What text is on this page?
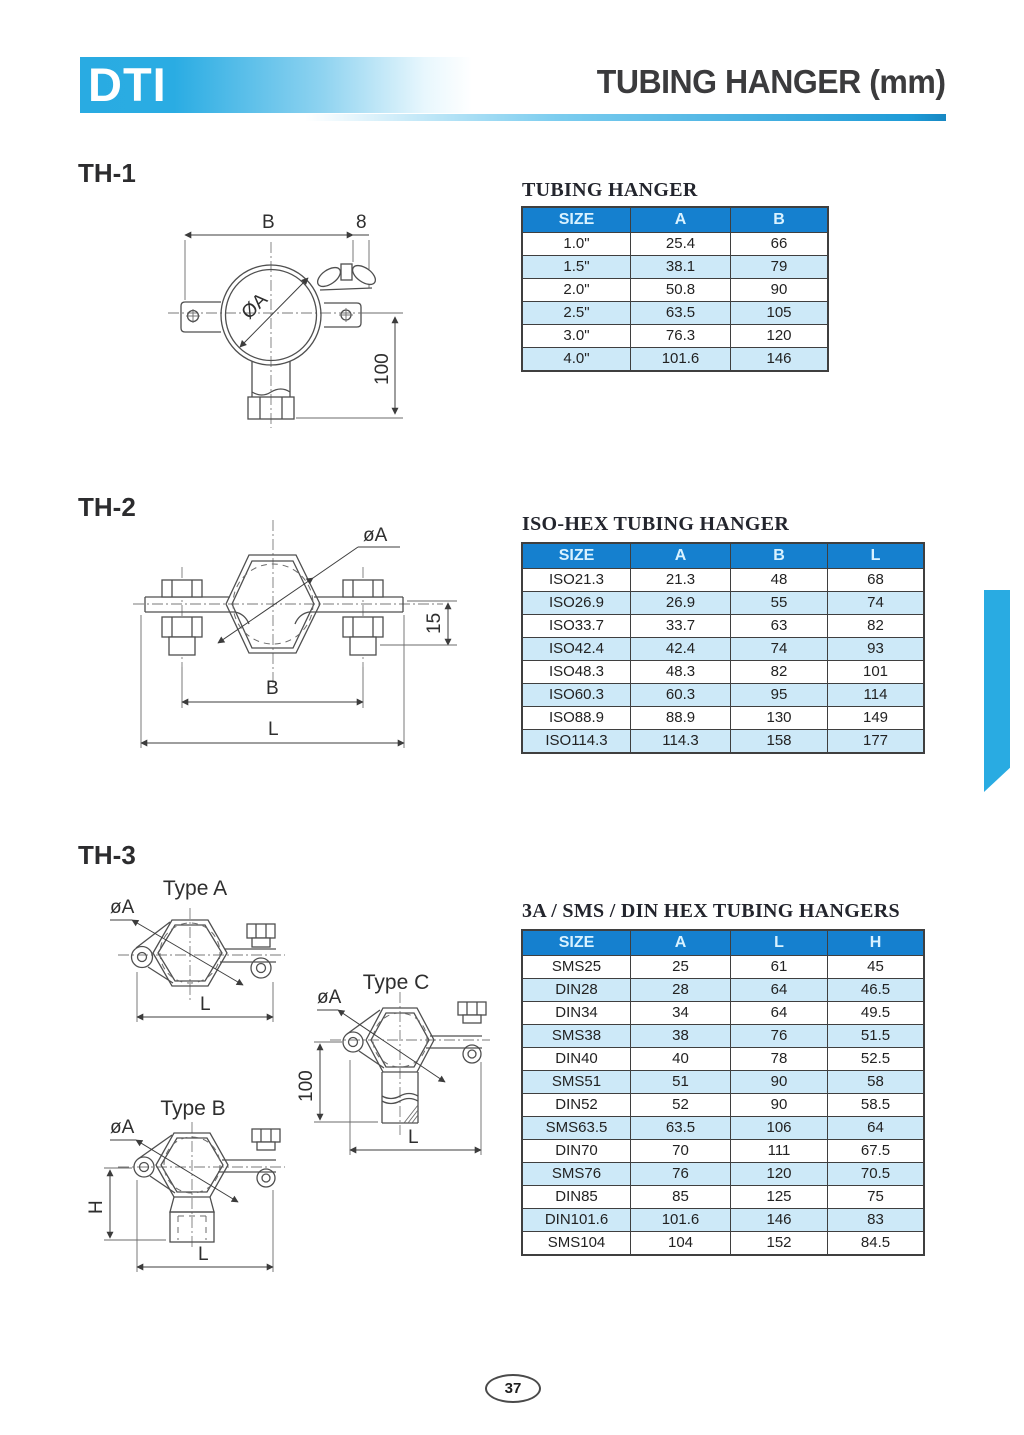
DTI	TUBING HANGER (mm)
TH-1
TH-2
TH-3
B	8
ØA
100
øA
15
B
L
Type A
øA
L
Type C
øA
100
L
Type B
øA
H
L
TUBING HANGER
ISO-HEX TUBING HANGER
3A / SMS / DIN HEX TUBING HANGERS
SIZE	A	B
1.0"	25.4	66
1.5"	38.1	79
2.0"	50.8	90
2.5"	63.5	105
3.0"	76.3	120
4.0"	101.6	146
SIZE	A	B	L
ISO21.3	21.3	48	68
ISO26.9	26.9	55	74
ISO33.7	33.7	63	82
ISO42.4	42.4	74	93
ISO48.3	48.3	82	101
ISO60.3	60.3	95	114
ISO88.9	88.9	130	149
ISO114.3	114.3	158	177
SIZE	A	L	H
SMS25	25	61	45
DIN28	28	64	46.5
DIN34	34	64	49.5
SMS38	38	76	51.5
DIN40	40	78	52.5
SMS51	51	90	58
DIN52	52	90	58.5
SMS63.5	63.5	106	64
DIN70	70	111	67.5
SMS76	76	120	70.5
DIN85	85	125	75
DIN101.6	101.6	146	83
SMS104	104	152	84.5
37
